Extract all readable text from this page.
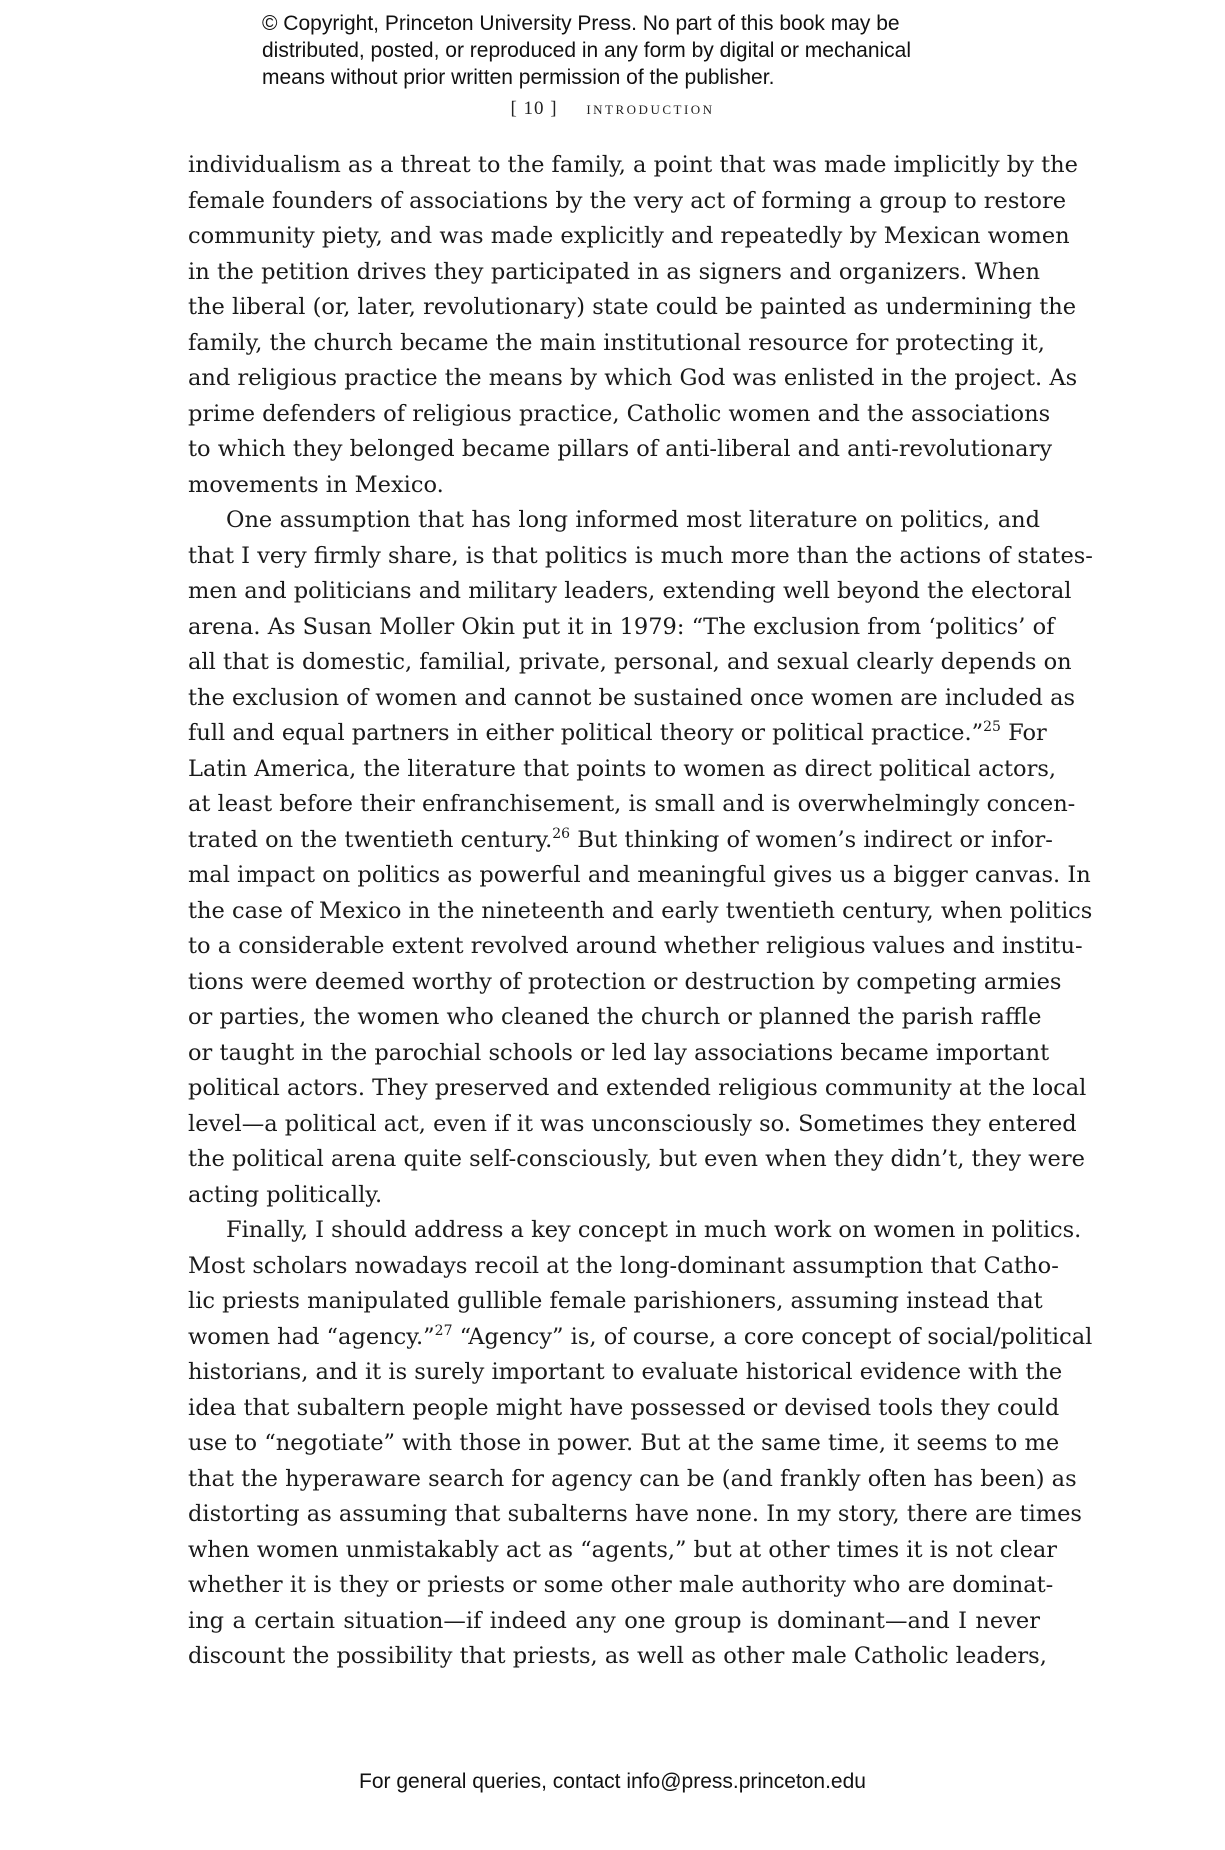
© Copyright, Princeton University Press. No part of this book may be
distributed, posted, or reproduced in any form by digital or mechanical
means without prior written permission of the publisher.
[ 10 ] introduction
individualism as a threat to the family, a point that was made implicitly by the
female founders of associations by the very act of forming a group to restore
community piety, and was made explicitly and repeatedly by Mexican women
in the petition drives they participated in as signers and organizers. When
the liberal (or, later, revolutionary) state could be painted as undermining the
family, the church became the main institutional resource for protecting it,
and religious practice the means by which God was enlisted in the project. As
prime defenders of religious practice, Catholic women and the associations
to which they belonged became pillars of anti-liberal and anti-revolutionary
movements in Mexico.
One assumption that has long informed most literature on politics, and
that I very firmly share, is that politics is much more than the actions of states-
men and politicians and military leaders, extending well beyond the electoral
arena. As Susan Moller Okin put it in 1979: “The exclusion from ‘politics’ of
all that is domestic, familial, private, personal, and sexual clearly depends on
the exclusion of women and cannot be sustained once women are included as
full and equal partners in either political theory or political practice.”$^{25}$ For
Latin America, the literature that points to women as direct political actors,
at least before their enfranchisement, is small and is overwhelmingly concen-
trated on the twentieth century.$^{26}$ But thinking of women’s indirect or infor-
mal impact on politics as powerful and meaningful gives us a bigger canvas. In
the case of Mexico in the nineteenth and early twentieth century, when politics
to a considerable extent revolved around whether religious values and institu-
tions were deemed worthy of protection or destruction by competing armies
or parties, the women who cleaned the church or planned the parish raffle
or taught in the parochial schools or led lay associations became important
political actors. They preserved and extended religious community at the local
level—a political act, even if it was unconsciously so. Sometimes they entered
the political arena quite self-consciously, but even when they didn’t, they were
acting politically.
Finally, I should address a key concept in much work on women in politics.
Most scholars nowadays recoil at the long-dominant assumption that Catho-
lic priests manipulated gullible female parishioners, assuming instead that
women had “agency.”$^{27}$ “Agency” is, of course, a core concept of social/political
historians, and it is surely important to evaluate historical evidence with the
idea that subaltern people might have possessed or devised tools they could
use to “negotiate” with those in power. But at the same time, it seems to me
that the hyperaware search for agency can be (and frankly often has been) as
distorting as assuming that subalterns have none. In my story, there are times
when women unmistakably act as “agents,” but at other times it is not clear
whether it is they or priests or some other male authority who are dominat-
ing a certain situation—if indeed any one group is dominant—and I never
discount the possibility that priests, as well as other male Catholic leaders,
For general queries, contact info@press.princeton.edu
